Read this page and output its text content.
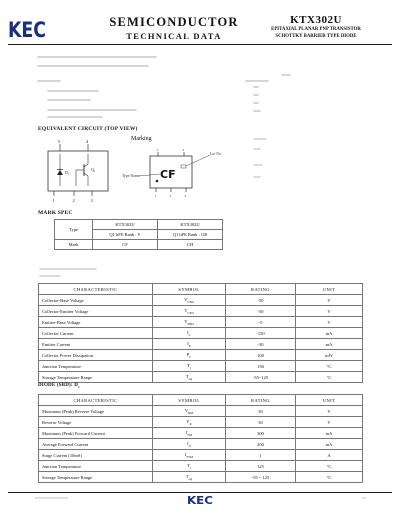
KEC	SEMICONDUCTOR
TECHNICAL DATA
KTX302U
EPITAXIAL PLANAR PNP TRANSISTOR
SCHOTTKY BARRIER TYPE DIODE
EQUIVALENT CIRCUIT (TOP VIEW)
Marking
5	4
1	2	3
$D_1$
$Q_1$
5	4
1	2	3
CF
Lot No.
Type Name
MARK SPEC
Type	KTX302U	KTX302U
	Q1 hFE Rank : Y	Q1 hFE Rank : GR
Mark	CF	CH
CHARACTERISTIC	SYMBOL	RATING	UNIT
Collector-Base Voltage	$V_{CBO}$	-50	V
Collector-Emitter Voltage	$V_{CEO}$	-50	V
Emitter-Base Voltage	$V_{EBO}$	-5	V
Collector Current	$I_C$	-150	mA
Emitter Current	$I_E$	-30	mA
Collector Power Dissipation	$P_C$	100	mW
Junction Temperature	$T_j$	150	°C
Storage Temperature Range	$T_{stg}$	-55~125	°C
DIODE (SBD): $D_1$
CHARACTERISTIC	SYMBOL	RATING	UNIT
Maximum (Peak) Reverse Voltage	$V_{RM}$	30	V
Reverse Voltage	$V_R$	30	V
Maximum (Peak) Forward Current	$I_{FM}$	300	mA
Average Forward Current	$I_O$	200	mA
Surge Current (10mS)	$I_{FSM}$	1	A
Junction Temperature	$T_j$	125	°C
Storage Temperature Range	$T_{stg}$	-55 ~ 125	°C
KEC
